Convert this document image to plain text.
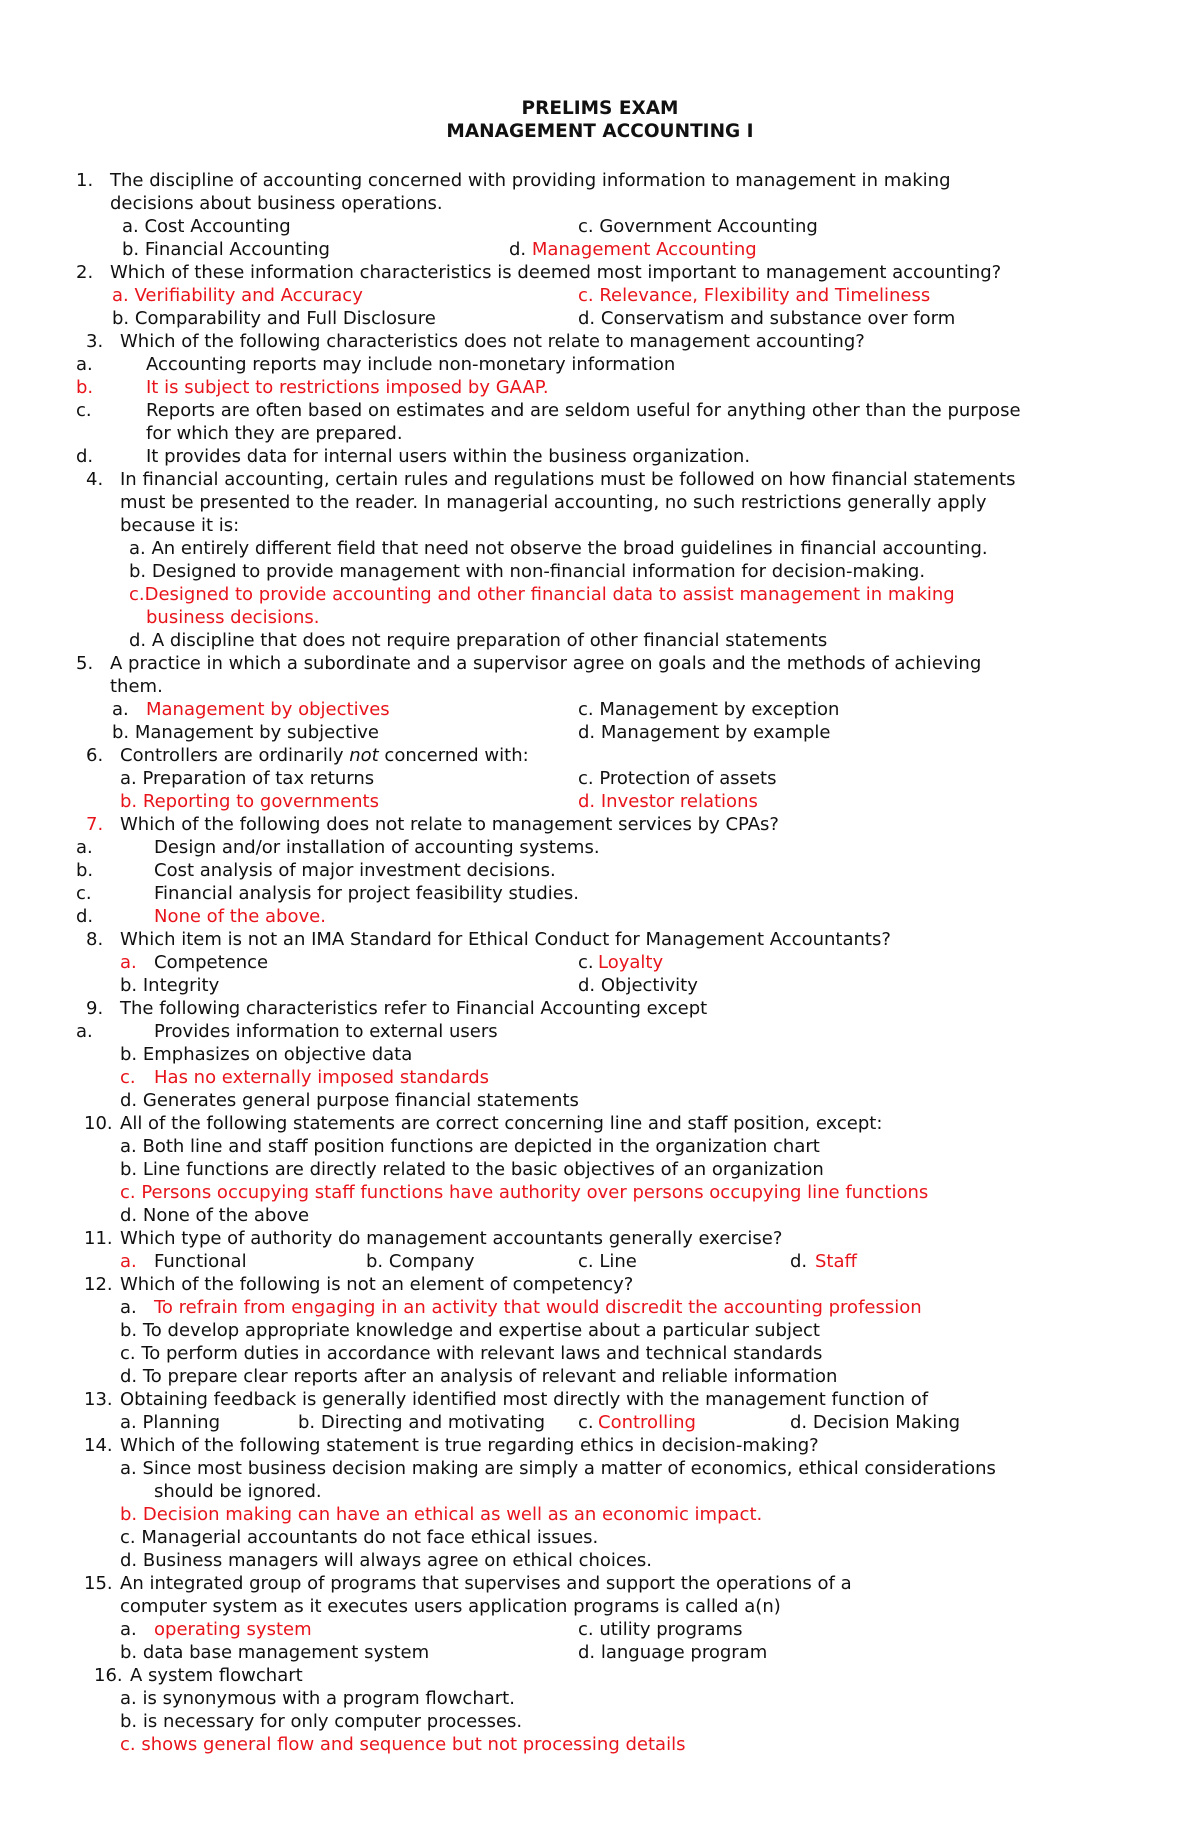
PRELIMS EXAM
MANAGEMENT ACCOUNTING I
1. The discipline of accounting concerned with providing information to management in making
decisions about business operations.
a. Cost Accounting	c. Government Accounting
b. Financial Accounting	d. Management Accounting
2. Which of these information characteristics is deemed most important to management accounting?
a. Verifiability and Accuracy	c. Relevance, Flexibility and Timeliness
b. Comparability and Full Disclosure	d. Conservatism and substance over form
3. Which of the following characteristics does not relate to management accounting?
a.	Accounting reports may include non-monetary information
b.	It is subject to restrictions imposed by GAAP.
c.	Reports are often based on estimates and are seldom useful for anything other than the purpose
for which they are prepared.
d.	It provides data for internal users within the business organization.
4. In financial accounting, certain rules and regulations must be followed on how financial statements
must be presented to the reader. In managerial accounting, no such restrictions generally apply
because it is:
a. An entirely different field that need not observe the broad guidelines in financial accounting.
b. Designed to provide management with non-financial information for decision-making.
c.Designed to provide accounting and other financial data to assist management in making
business decisions.
d. A discipline that does not require preparation of other financial statements
5. A practice in which a subordinate and a supervisor agree on goals and the methods of achieving
them.
a. Management by objectives	c. Management by exception
b. Management by subjective	d. Management by example
6. Controllers are ordinarily not concerned with:
a. Preparation of tax returns	c. Protection of assets
b. Reporting to governments	d. Investor relations
7. Which of the following does not relate to management services by CPAs?
a.	Design and/or installation of accounting systems.
b.	Cost analysis of major investment decisions.
c.	Financial analysis for project feasibility studies.
d.	None of the above.
8. Which item is not an IMA Standard for Ethical Conduct for Management Accountants?
a. Competence	c. Loyalty
b. Integrity	d. Objectivity
9. The following characteristics refer to Financial Accounting except
a.	Provides information to external users
b. Emphasizes on objective data
c. Has no externally imposed standards
d. Generates general purpose financial statements
10. All of the following statements are correct concerning line and staff position, except:
a. Both line and staff position functions are depicted in the organization chart
b. Line functions are directly related to the basic objectives of an organization
c. Persons occupying staff functions have authority over persons occupying line functions
d. None of the above
11. Which type of authority do management accountants generally exercise?
a. Functional	b. Company	c. Line	d. Staff
12. Which of the following is not an element of competency?
a. To refrain from engaging in an activity that would discredit the accounting profession
b. To develop appropriate knowledge and expertise about a particular subject
c. To perform duties in accordance with relevant laws and technical standards
d. To prepare clear reports after an analysis of relevant and reliable information
13. Obtaining feedback is generally identified most directly with the management function of
a. Planning	b. Directing and motivating c. Controlling	d. Decision Making
14. Which of the following statement is true regarding ethics in decision-making?
a. Since most business decision making are simply a matter of economics, ethical considerations
should be ignored.
b. Decision making can have an ethical as well as an economic impact.
c. Managerial accountants do not face ethical issues.
d. Business managers will always agree on ethical choices.
15. An integrated group of programs that supervises and support the operations of a
computer system as it executes users application programs is called a(n)
a. operating system	c. utility programs
b. data base management system	d. language program
16. A system flowchart
a. is synonymous with a program flowchart.
b. is necessary for only computer processes.
c. shows general flow and sequence but not processing details
